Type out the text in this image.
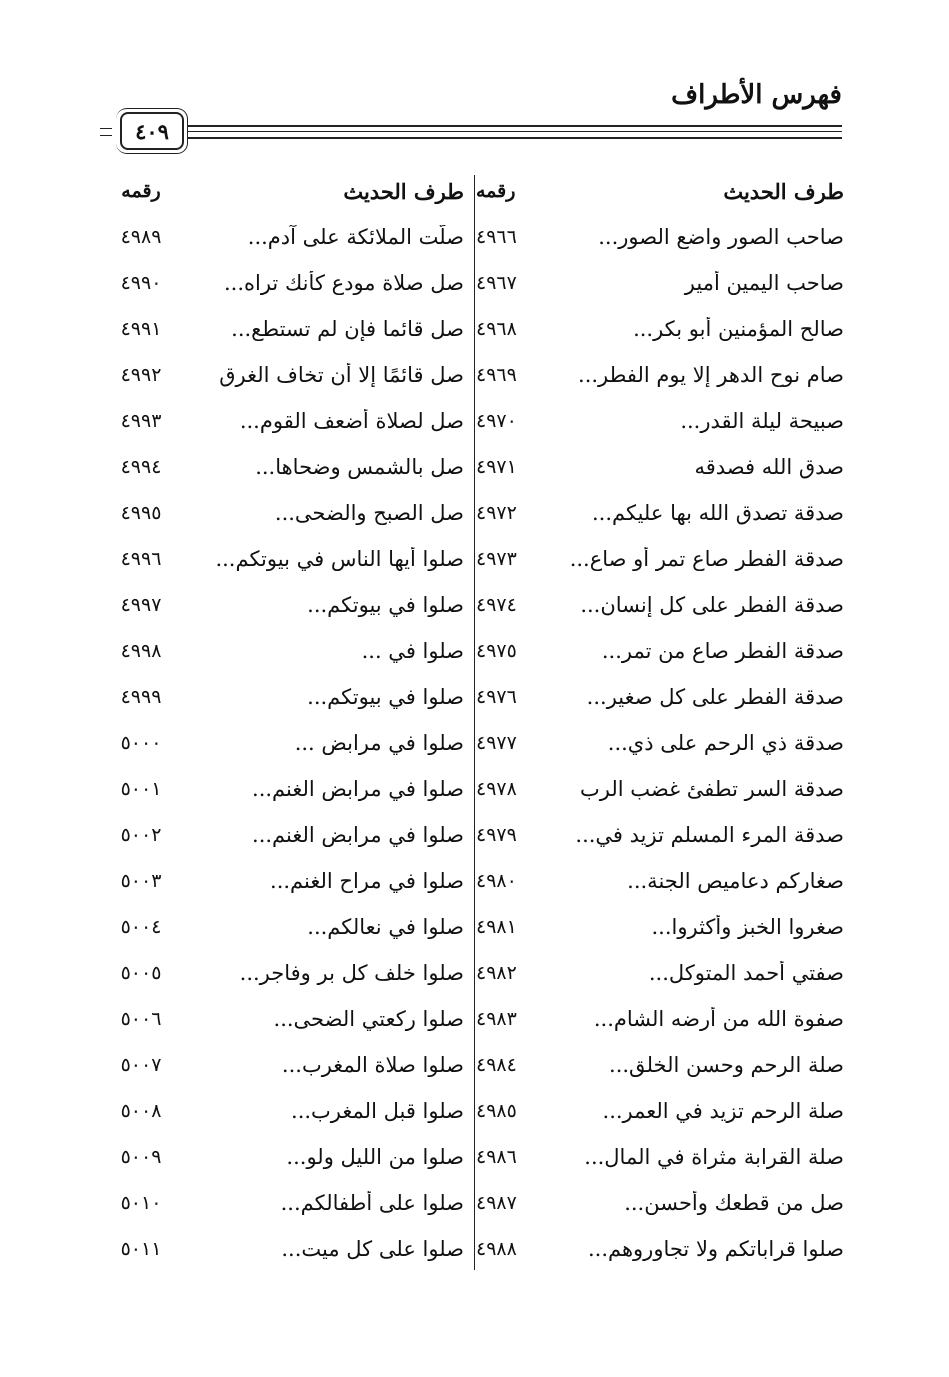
فهرس الأطراف
٤٠٩
طرف الحديث
رقمه
صاحب الصور واضع الصور...
٤٩٦٦
صاحب اليمين أمير
٤٩٦٧
صالح المؤمنين أبو بكر...
٤٩٦٨
صام نوح الدهر إلا يوم الفطر...
٤٩٦٩
صبيحة ليلة القدر...
٤٩٧٠
صدق الله فصدقه
٤٩٧١
صدقة تصدق الله بها عليكم...
٤٩٧٢
صدقة الفطر صاع تمر أو صاع...
٤٩٧٣
صدقة الفطر على كل إنسان...
٤٩٧٤
صدقة الفطر صاع من تمر...
٤٩٧٥
صدقة الفطر على كل صغير...
٤٩٧٦
صدقة ذي الرحم على ذي...
٤٩٧٧
صدقة السر تطفئ غضب الرب
٤٩٧٨
صدقة المرء المسلم تزيد في...
٤٩٧٩
صغاركم دعاميص الجنة...
٤٩٨٠
صغروا الخبز وأكثروا...
٤٩٨١
صفتي أحمد المتوكل...
٤٩٨٢
صفوة الله من أرضه الشام...
٤٩٨٣
صلة الرحم وحسن الخلق...
٤٩٨٤
صلة الرحم تزيد في العمر...
٤٩٨٥
صلة القرابة مثراة في المال...
٤٩٨٦
صل من قطعك وأحسن...
٤٩٨٧
صلوا قراباتكم ولا تجاوروهم...
٤٩٨٨
طرف الحديث
رقمه
صلّت الملائكة على آدم...
٤٩٨٩
صل صلاة مودع كأنك تراه...
٤٩٩٠
صل قائما فإن لم تستطع...
٤٩٩١
صل قائمًا إلا أن تخاف الغرق
٤٩٩٢
صل لصلاة أضعف القوم...
٤٩٩٣
صل بالشمس وضحاها...
٤٩٩٤
صل الصبح والضحى...
٤٩٩٥
صلوا أيها الناس في بيوتكم...
٤٩٩٦
صلوا في بيوتكم...
٤٩٩٧
صلوا في ...
٤٩٩٨
صلوا في بيوتكم...
٤٩٩٩
صلوا في مرابض ...
٥٠٠٠
صلوا في مرابض الغنم...
٥٠٠١
صلوا في مرابض الغنم...
٥٠٠٢
صلوا في مراح الغنم...
٥٠٠٣
صلوا في نعالكم...
٥٠٠٤
صلوا خلف كل بر وفاجر...
٥٠٠٥
صلوا ركعتي الضحى...
٥٠٠٦
صلوا صلاة المغرب...
٥٠٠٧
صلوا قبل المغرب...
٥٠٠٨
صلوا من الليل ولو...
٥٠٠٩
صلوا على أطفالكم...
٥٠١٠
صلوا على كل ميت...
٥٠١١
